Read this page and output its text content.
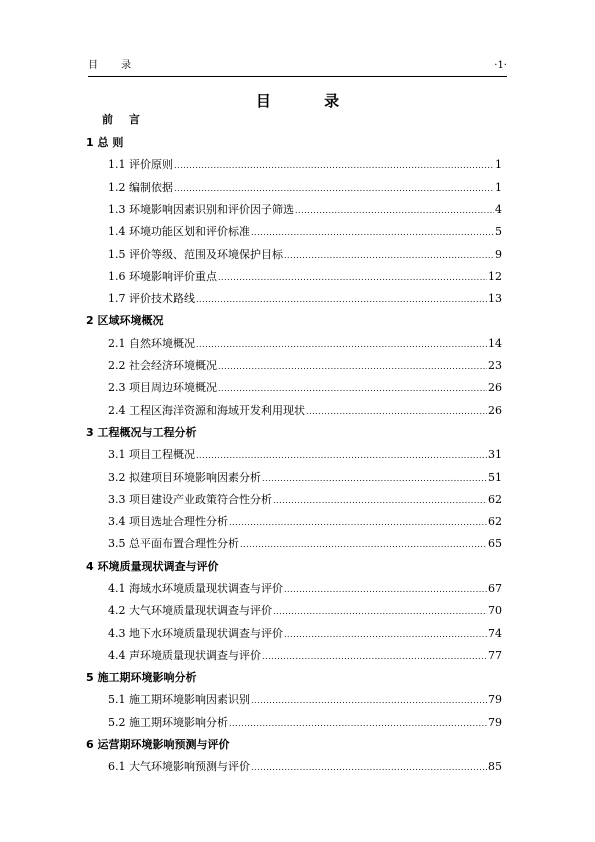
目 录	·1·
目 录
前 言
1 总 则
1.1 评价原则 .....	1
1.2 编制依据 .....	1
1.3 环境影响因素识别和评价因子筛选 .....	4
1.4 环境功能区划和评价标准 .....	5
1.5 评价等级、范围及环境保护目标 .....	9
1.6 环境影响评价重点 .....	12
1.7 评价技术路线 .....	13
2 区域环境概况
2.1 自然环境概况 .....	14
2.2 社会经济环境概况 .....	23
2.3 项目周边环境概况 .....	26
2.4 工程区海洋资源和海域开发利用现状 .....	26
3 工程概况与工程分析
3.1 项目工程概况 .....	31
3.2 拟建项目环境影响因素分析 .....	51
3.3 项目建设产业政策符合性分析 .....	62
3.4 项目选址合理性分析 .....	62
3.5 总平面布置合理性分析 .....	65
4 环境质量现状调查与评价
4.1 海域水环境质量现状调查与评价 .....	67
4.2 大气环境质量现状调查与评价 .....	70
4.3 地下水环境质量现状调查与评价 .....	74
4.4 声环境质量现状调查与评价 .....	77
5 施工期环境影响分析
5.1 施工期环境影响因素识别 .....	79
5.2 施工期环境影响分析 .....	79
6 运营期环境影响预测与评价
6.1 大气环境影响预测与评价 .....	85
